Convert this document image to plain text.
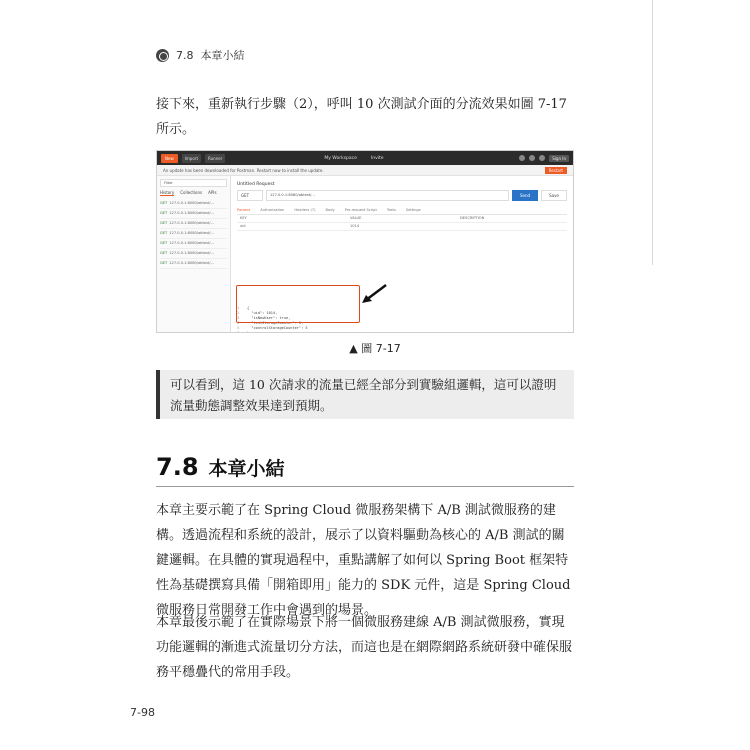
7.8 本章小結

接下來，重新執行步驟（2），呼叫 10 次測試介面的分流效果如圖 7-17 所示。

New	Import	Runner	My Workspace	Invite	Sign In
An update has been downloaded for Postman. Restart now to install the update.	Restart
Filter
History Collections APIs
GET 127.0.0.1:8080/abtest/...
GET 127.0.0.1:8080/abtest/...
GET 127.0.0.1:8080/abtest/...
GET 127.0.0.1:8080/abtest/...
GET 127.0.0.1:8080/abtest/...
GET 127.0.0.1:8080/abtest/...
GET 127.0.0.1:8080/abtest/...
Untitled Request
GET	127.0.0.1:8080/abtest/...	Send	Save
Params	Authorization	Headers (7)	Body	Pre-request Script	Tests	Settings
KEY	VALUE	DESCRIPTION
uid	1014
1 {
2	"uid": 1014,
3	"isNewUser": true,
4	"testStorageCounter": 5,
5	"controlStorageCounter": 5
6 }
▲ 圖 7-17
可以看到，這 10 次請求的流量已經全部分到實驗組邏輯，這可以證明流量動態調整效果達到預期。
7.8 本章小結

本章主要示範了在 Spring Cloud 微服務架構下 A/B 測試微服務的建構。透過流程和系統的設計，展示了以資料驅動為核心的 A/B 測試的關鍵邏輯。在具體的實現過程中，重點講解了如何以 Spring Boot 框架特性為基礎撰寫具備「開箱即用」能力的 SDK 元件，這是 Spring Cloud 微服務日常開發工作中會遇到的場景。

本章最後示範了在實際場景下將一個微服務建線 A/B 測試微服務，實現功能邏輯的漸進式流量切分方法，而這也是在網際網路系統研發中確保服務平穩疊代的常用手段。

7-98
